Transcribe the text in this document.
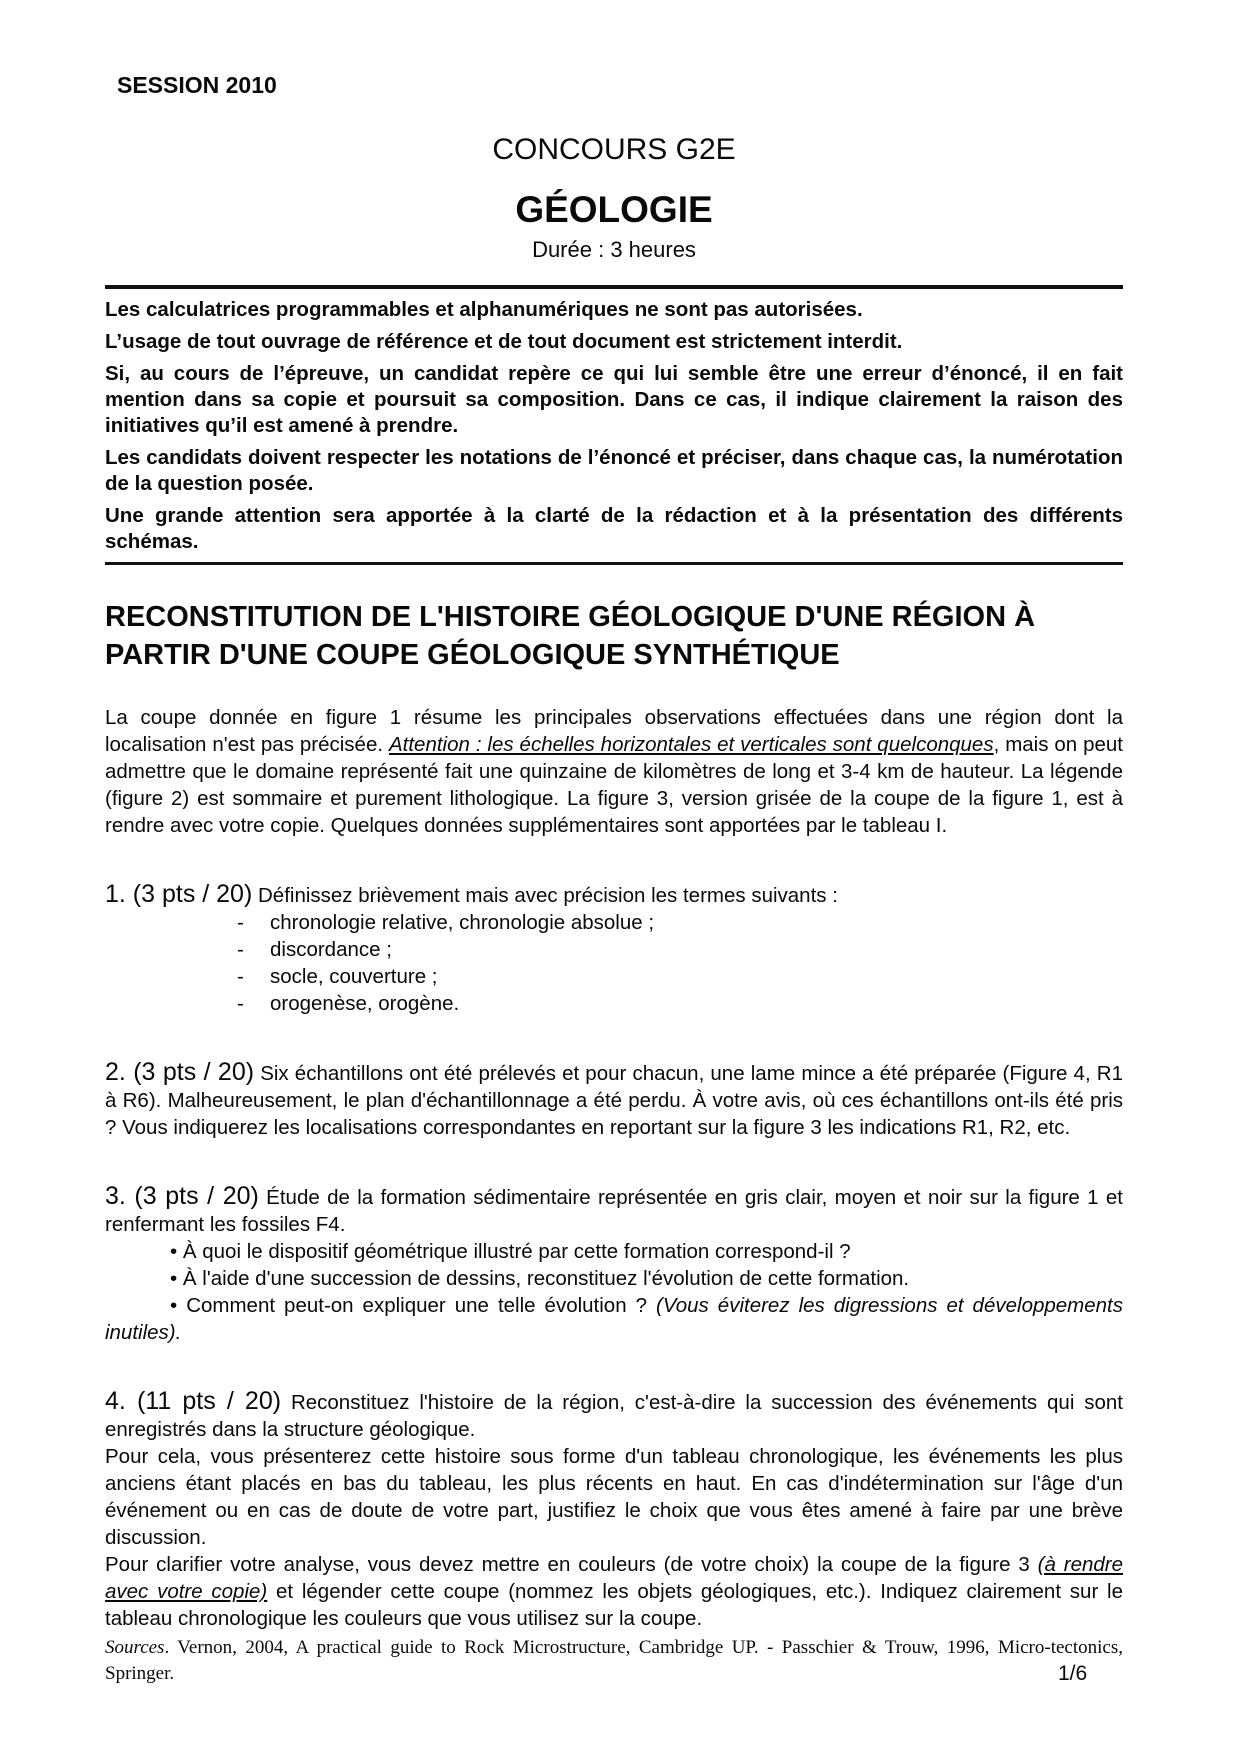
SESSION 2010
CONCOURS G2E
GÉOLOGIE
Durée : 3 heures

Les calculatrices programmables et alphanumériques ne sont pas autorisées.

L’usage de tout ouvrage de référence et de tout document est strictement interdit.

Si, au cours de l’épreuve, un candidat repère ce qui lui semble être une erreur d’énoncé, il en fait mention dans sa copie et poursuit sa composition. Dans ce cas, il indique clairement la raison des initiatives qu’il est amené à prendre.

Les candidats doivent respecter les notations de l’énoncé et préciser, dans chaque cas, la numérotation de la question posée.

Une grande attention sera apportée à la clarté de la rédaction et à la présentation des différents schémas.

RECONSTITUTION DE L'HISTOIRE GÉOLOGIQUE D'UNE RÉGION À
PARTIR D'UNE COUPE GÉOLOGIQUE SYNTHÉTIQUE

La coupe donnée en figure 1 résume les principales observations effectuées dans une région dont la localisation n'est pas précisée. Attention : les échelles horizontales et verticales sont quelconques, mais on peut admettre que le domaine représenté fait une quinzaine de kilomètres de long et 3-4 km de hauteur. La légende (figure 2) est sommaire et purement lithologique. La figure 3, version grisée de la coupe de la figure 1, est à rendre avec votre copie. Quelques données supplémentaires sont apportées par le tableau I.

1. (3 pts / 20) Définissez brièvement mais avec précision les termes suivants :

- chronologie relative, chronologie absolue ;
- discordance ;
- socle, couverture ;
- orogenèse, orogène.

2. (3 pts / 20) Six échantillons ont été prélevés et pour chacun, une lame mince a été préparée (Figure 4, R1 à R6). Malheureusement, le plan d'échantillonnage a été perdu. À votre avis, où ces échantillons ont-ils été pris ? Vous indiquerez les localisations correspondantes en reportant sur la figure 3 les indications R1, R2, etc.

3. (3 pts / 20) Étude de la formation sédimentaire représentée en gris clair, moyen et noir sur la figure 1 et renfermant les fossiles F4.

• À quoi le dispositif géométrique illustré par cette formation correspond-il ?

• À l'aide d'une succession de dessins, reconstituez l'évolution de cette formation.

• Comment peut-on expliquer une telle évolution ? (Vous éviterez les digressions et développements inutiles).

4. (11 pts / 20) Reconstituez l'histoire de la région, c'est-à-dire la succession des événements qui sont enregistrés dans la structure géologique.

Pour cela, vous présenterez cette histoire sous forme d'un tableau chronologique, les événements les plus anciens étant placés en bas du tableau, les plus récents en haut. En cas d'indétermination sur l'âge d'un événement ou en cas de doute de votre part, justifiez le choix que vous êtes amené à faire par une brève discussion.

Pour clarifier votre analyse, vous devez mettre en couleurs (de votre choix) la coupe de la figure 3 (à rendre avec votre copie) et légender cette coupe (nommez les objets géologiques, etc.). Indiquez clairement sur le tableau chronologique les couleurs que vous utilisez sur la coupe.

Sources. Vernon, 2004, A practical guide to Rock Microstructure, Cambridge UP. - Passchier & Trouw, 1996, Micro-tectonics, Springer.	1/6
